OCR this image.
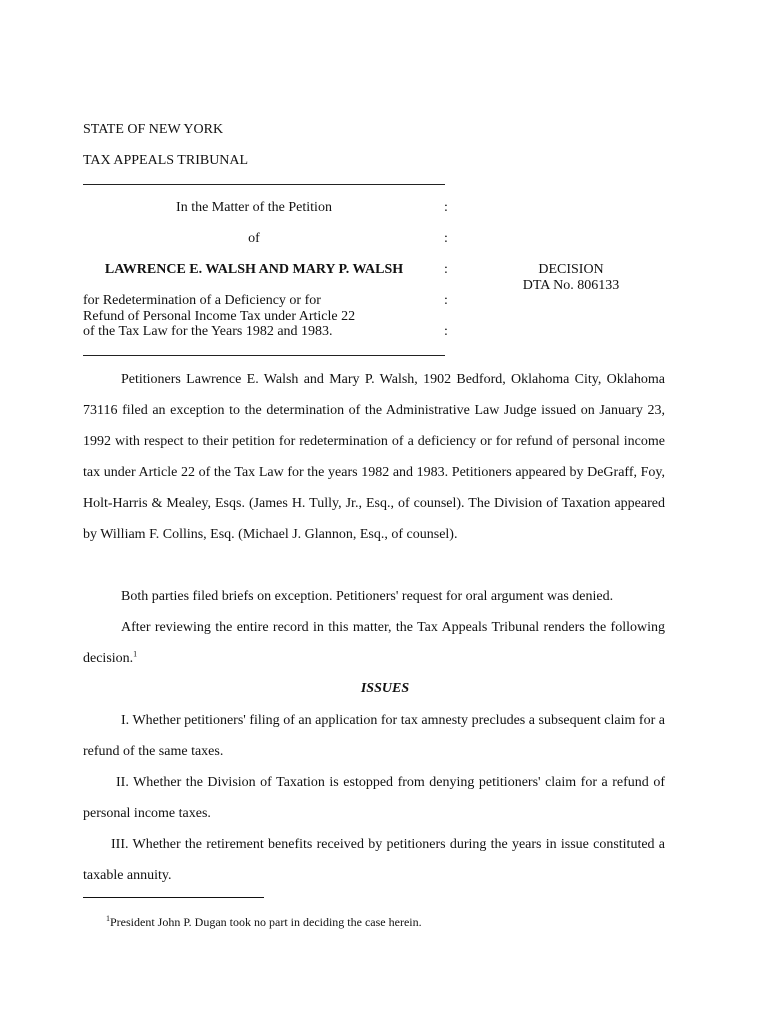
STATE OF NEW YORK
TAX APPEALS TRIBUNAL
In the Matter of the Petition	:
of	:
LAWRENCE E. WALSH AND MARY P. WALSH	:	DECISION
DTA No. 806133
for Redetermination of a Deficiency or for	:
Refund of Personal Income Tax under Article 22
of the Tax Law for the Years 1982 and 1983.	:
Petitioners Lawrence E. Walsh and Mary P. Walsh, 1902 Bedford, Oklahoma City, Oklahoma 73116 filed an exception to the determination of the Administrative Law Judge issued on January 23, 1992 with respect to their petition for redetermination of a deficiency or for refund of personal income tax under Article 22 of the Tax Law for the years 1982 and 1983. Petitioners appeared by DeGraff, Foy, Holt-Harris & Mealey, Esqs. (James H. Tully, Jr., Esq., of counsel). The Division of Taxation appeared by William F. Collins, Esq. (Michael J. Glannon, Esq., of counsel).
Both parties filed briefs on exception. Petitioners' request for oral argument was denied.
After reviewing the entire record in this matter, the Tax Appeals Tribunal renders the following decision.$^1$
ISSUES
I. Whether petitioners' filing of an application for tax amnesty precludes a subsequent claim for a refund of the same taxes.
II. Whether the Division of Taxation is estopped from denying petitioners' claim for a refund of personal income taxes.
III. Whether the retirement benefits received by petitioners during the years in issue constituted a taxable annuity.
$^1$President John P. Dugan took no part in deciding the case herein.
